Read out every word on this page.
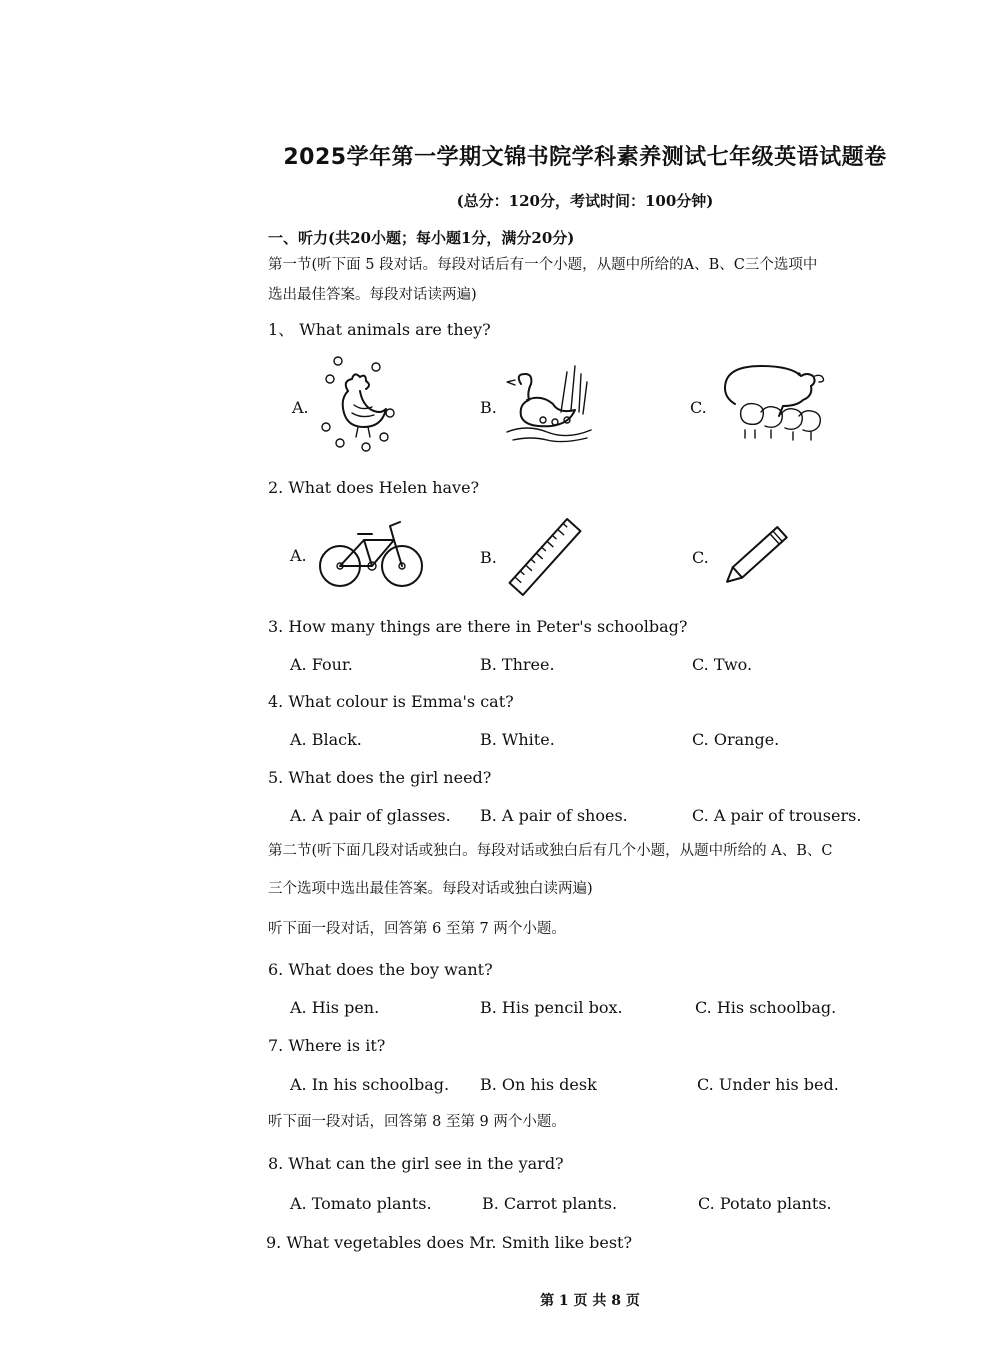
2025学年第一学期文锦书院学科素养测试七年级英语试题卷
(总分：120分，考试时间：100分钟)
一、听力(共20小题；每小题1分，满分20分)
第一节(听下面 5 段对话。每段对话后有一个小题，从题中所给的A、B、C三个选项中
选出最佳答案。每段对话读两遍)
1、 What animals are they?
A.	B.	C.
2. What does Helen have?
A.	B.	C.
3. How many things are there in Peter's schoolbag?
A. Four.	B. Three.	C. Two.
4. What colour is Emma's cat?
A. Black.	B. White.	C. Orange.
5. What does the girl need?
A. A pair of glasses. B. A pair of shoes.	C. A pair of trousers.
第二节(听下面几段对话或独白。每段对话或独白后有几个小题，从题中所给的 A、B、C
三个选项中选出最佳答案。每段对话或独白读两遍)
听下面一段对话，回答第 6 至第 7 两个小题。
6. What does the boy want?
A. His pen.	B. His pencil box.	C. His schoolbag.
7. Where is it?
A. In his schoolbag. B. On his desk	C. Under his bed.
听下面一段对话，回答第 8 至第 9 两个小题。
8. What can the girl see in the yard?
A. Tomato plants.	B. Carrot plants.	C. Potato plants.
9. What vegetables does Mr. Smith like best?
第 1 页 共 8 页
